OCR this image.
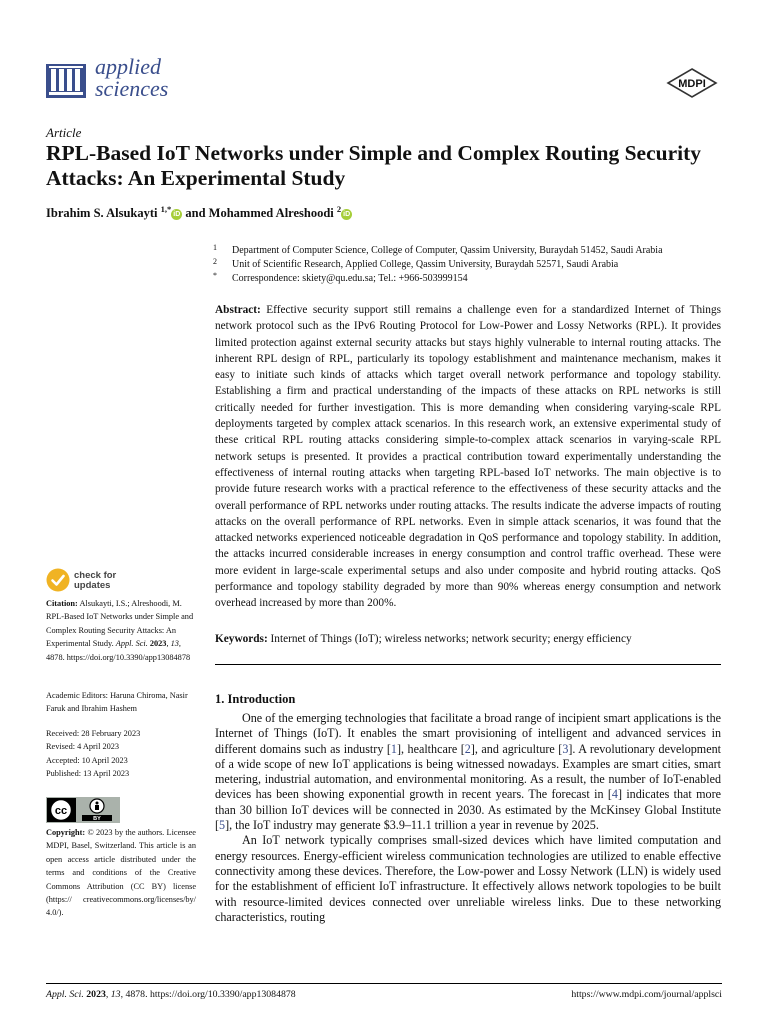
applied
sciences	MDPI
Article
RPL-Based IoT Networks under Simple and Complex Routing Security Attacks: An Experimental Study
Ibrahim S. Alsukayti $^{1,*}$iD and Mohammed Alreshoodi $^2$iD
1 Department of Computer Science, College of Computer, Qassim University, Buraydah 51452, Saudi Arabia
2 Unit of Scientific Research, Applied College, Qassim University, Buraydah 52571, Saudi Arabia
* Correspondence: skiety@qu.edu.sa; Tel.: +966-503999154
Abstract: Effective security support still remains a challenge even for a standardized Internet of Things network protocol such as the IPv6 Routing Protocol for Low-Power and Lossy Networks (RPL). It provides limited protection against external security attacks but stays highly vulnerable to internal routing attacks. The inherent RPL design of RPL, particularly its topology establishment and maintenance mechanism, makes it easy to initiate such kinds of attacks which target overall network performance and topology stability. Establishing a firm and practical understanding of the impacts of these attacks on RPL networks is still critically needed for further investigation. This is more demanding when considering varying-scale RPL deployments targeted by complex attack scenarios. In this research work, an extensive experimental study of these critical RPL routing attacks considering simple-to-complex attack scenarios in varying-scale RPL network setups is presented. It provides a practical contribution toward experimentally understanding the effectiveness of internal routing attacks when targeting RPL-based IoT networks. The main objective is to provide future research works with a practical reference to the effectiveness of these security attacks and the overall performance of RPL networks under routing attacks. The results indicate the adverse impacts of routing attacks on the overall performance of RPL networks. Even in simple attack scenarios, it was found that the attacked networks experienced noticeable degradation in QoS performance and topology stability. In addition, the attacks incurred considerable increases in energy consumption and control traffic overhead. These were more evident in large-scale experimental setups and also under composite and hybrid routing attacks. QoS performance and topology stability degraded by more than 90% whereas energy consumption and network overhead increased by more than 200%.
Keywords: Internet of Things (IoT); wireless networks; network security; energy efficiency
1. Introduction

One of the emerging technologies that facilitate a broad range of incipient smart applications is the Internet of Things (IoT). It enables the smart provisioning of intelligent and advanced services in different domains such as industry [1], healthcare [2], and agriculture [3]. A revolutionary development of a wide scope of new IoT applications is being witnessed nowadays. Examples are smart cities, smart metering, industrial automation, and environmental monitoring. As a result, the number of IoT-enabled devices has been showing exponential growth in recent years. The forecast in [4] indicates that more than 30 billion IoT devices will be connected in 2030. As estimated by the McKinsey Global Institute [5], the IoT industry may generate $3.9–11.1 trillion a year in revenue by 2025.

An IoT network typically comprises small-sized devices which have limited computation and energy resources. Energy-efficient wireless communication technologies are utilized to enable effective connectivity among these devices. Therefore, the Low-power and Lossy Network (LLN) is widely used for the establishment of efficient IoT infrastructure. It effectively allows network topologies to be built with resource-limited devices connected over unreliable wireless links. Due to these networking characteristics, routing

check for
updates
Citation: Alsukayti, I.S.; Alreshoodi, M. RPL-Based IoT Networks under Simple and Complex Routing Security Attacks: An Experimental Study. Appl. Sci. 2023, 13, 4878. https://doi.org/10.3390/app13084878
Academic Editors: Haruna Chiroma, Nasir Faruk and Ibrahim Hashem
Received: 28 February 2023
Revised: 4 April 2023
Accepted: 10 April 2023
Published: 13 April 2023
cc
BY
Copyright: © 2023 by the authors. Licensee MDPI, Basel, Switzerland. This article is an open access article distributed under the terms and conditions of the Creative Commons Attribution (CC BY) license (https:// creativecommons.org/licenses/by/ 4.0/).
Appl. Sci. 2023, 13, 4878. https://doi.org/10.3390/app13084878	https://www.mdpi.com/journal/applsci
